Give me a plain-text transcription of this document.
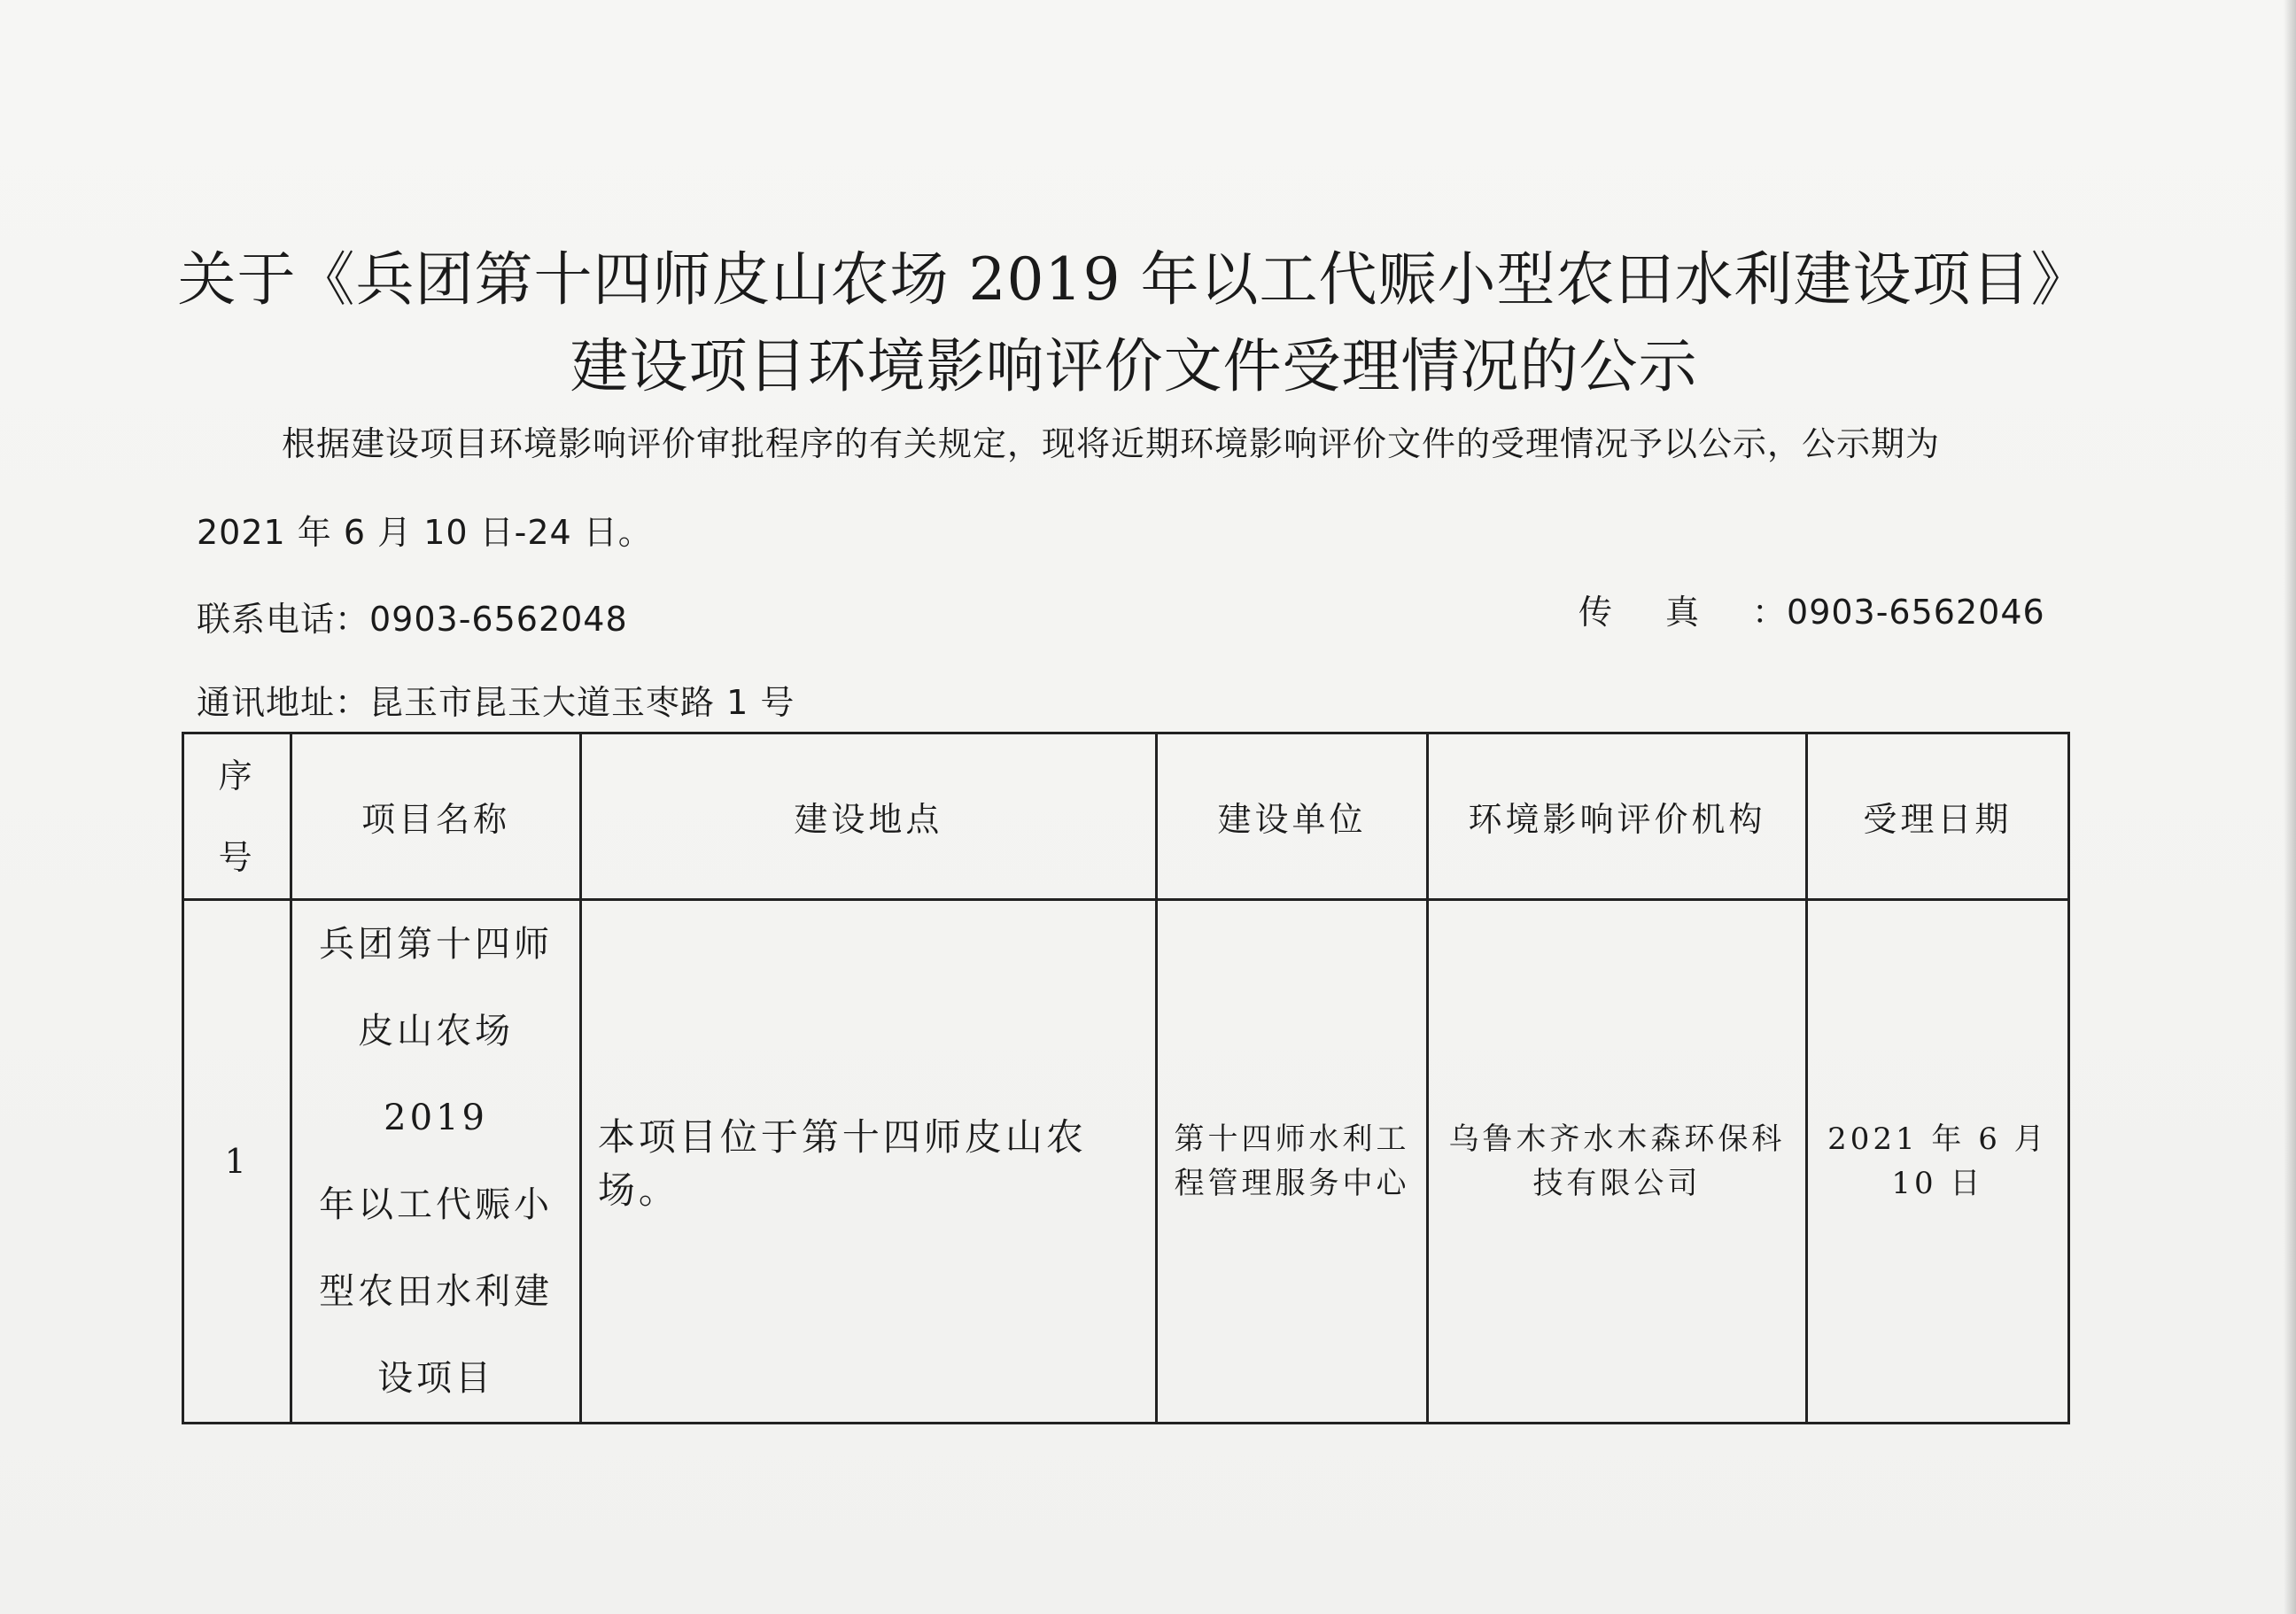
关于《兵团第十四师皮山农场 2019 年以工代赈小型农田水利建设项目》
建设项目环境影响评价文件受理情况的公示

根据建设项目环境影响评价审批程序的有关规定，现将近期环境影响评价文件的受理情况予以公示，公示期为

2021 年 6 月 10 日-24 日。

联系电话：0903-6562048	传真：0903-6562046

通讯地址：昆玉市昆玉大道玉枣路 1 号

序
号	项目名称	建设地点	建设单位	环境影响评价机构	受理日期
1	兵团第十四师
皮山农场 2019
年以工代赈小
型农田水利建
设项目	本项目位于第十四师皮山农场。	第十四师水利工程管理服务中心	乌鲁木齐水木森环保科技有限公司	2021 年 6 月 10 日
